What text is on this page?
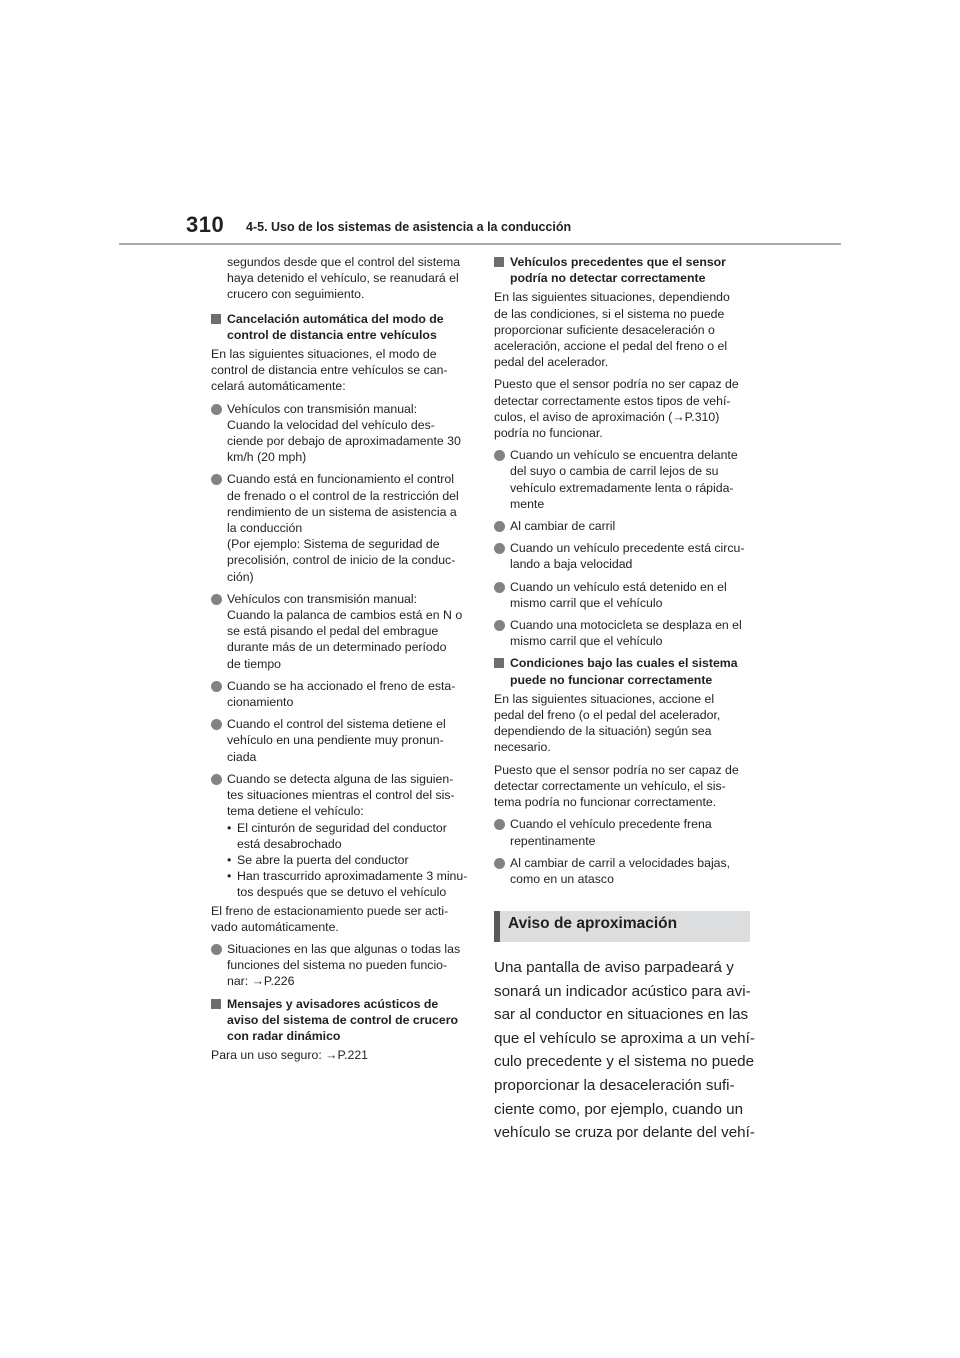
310 4-5. Uso de los sistemas de asistencia a la conducción
segundos desde que el control del sistema
haya detenido el vehículo, se reanudará el
crucero con seguimiento.
Cancelación automática del modo de
control de distancia entre vehículos
En las siguientes situaciones, el modo de
control de distancia entre vehículos se can-
celará automáticamente:
Vehículos con transmisión manual:
Cuando la velocidad del vehículo des-
ciende por debajo de aproximadamente 30
km/h (20 mph)
Cuando está en funcionamiento el control
de frenado o el control de la restricción del
rendimiento de un sistema de asistencia a
la conducción
(Por ejemplo: Sistema de seguridad de
precolisión, control de inicio de la conduc-
ción)
Vehículos con transmisión manual:
Cuando la palanca de cambios está en N o
se está pisando el pedal del embrague
durante más de un determinado período
de tiempo
Cuando se ha accionado el freno de esta-
cionamiento
Cuando el control del sistema detiene el
vehículo en una pendiente muy pronun-
ciada
Cuando se detecta alguna de las siguien-
tes situaciones mientras el control del sis-
tema detiene el vehículo:
• El cinturón de seguridad del conductor
está desabrochado
• Se abre la puerta del conductor
• Han trascurrido aproximadamente 3 minu-
tos después que se detuvo el vehículo
El freno de estacionamiento puede ser acti-
vado automáticamente.
Situaciones en las que algunas o todas las
funciones del sistema no pueden funcio-
nar: →P.226
Mensajes y avisadores acústicos de
aviso del sistema de control de crucero
con radar dinámico
Para un uso seguro: →P.221
Vehículos precedentes que el sensor
podría no detectar correctamente
En las siguientes situaciones, dependiendo
de las condiciones, si el sistema no puede
proporcionar suficiente desaceleración o
aceleración, accione el pedal del freno o el
pedal del acelerador.
Puesto que el sensor podría no ser capaz de
detectar correctamente estos tipos de vehí-
culos, el aviso de aproximación (→P.310)
podría no funcionar.
Cuando un vehículo se encuentra delante
del suyo o cambia de carril lejos de su
vehículo extremadamente lenta o rápida-
mente
Al cambiar de carril
Cuando un vehículo precedente está circu-
lando a baja velocidad
Cuando un vehículo está detenido en el
mismo carril que el vehículo
Cuando una motocicleta se desplaza en el
mismo carril que el vehículo
Condiciones bajo las cuales el sistema
puede no funcionar correctamente
En las siguientes situaciones, accione el
pedal del freno (o el pedal del acelerador,
dependiendo de la situación) según sea
necesario.
Puesto que el sensor podría no ser capaz de
detectar correctamente un vehículo, el sis-
tema podría no funcionar correctamente.
Cuando el vehículo precedente frena
repentinamente
Al cambiar de carril a velocidades bajas,
como en un atasco
Aviso de aproximación
Una pantalla de aviso parpadeará y
sonará un indicador acústico para avi-
sar al conductor en situaciones en las
que el vehículo se aproxima a un vehí-
culo precedente y el sistema no puede
proporcionar la desaceleración sufi-
ciente como, por ejemplo, cuando un
vehículo se cruza por delante del vehí-
